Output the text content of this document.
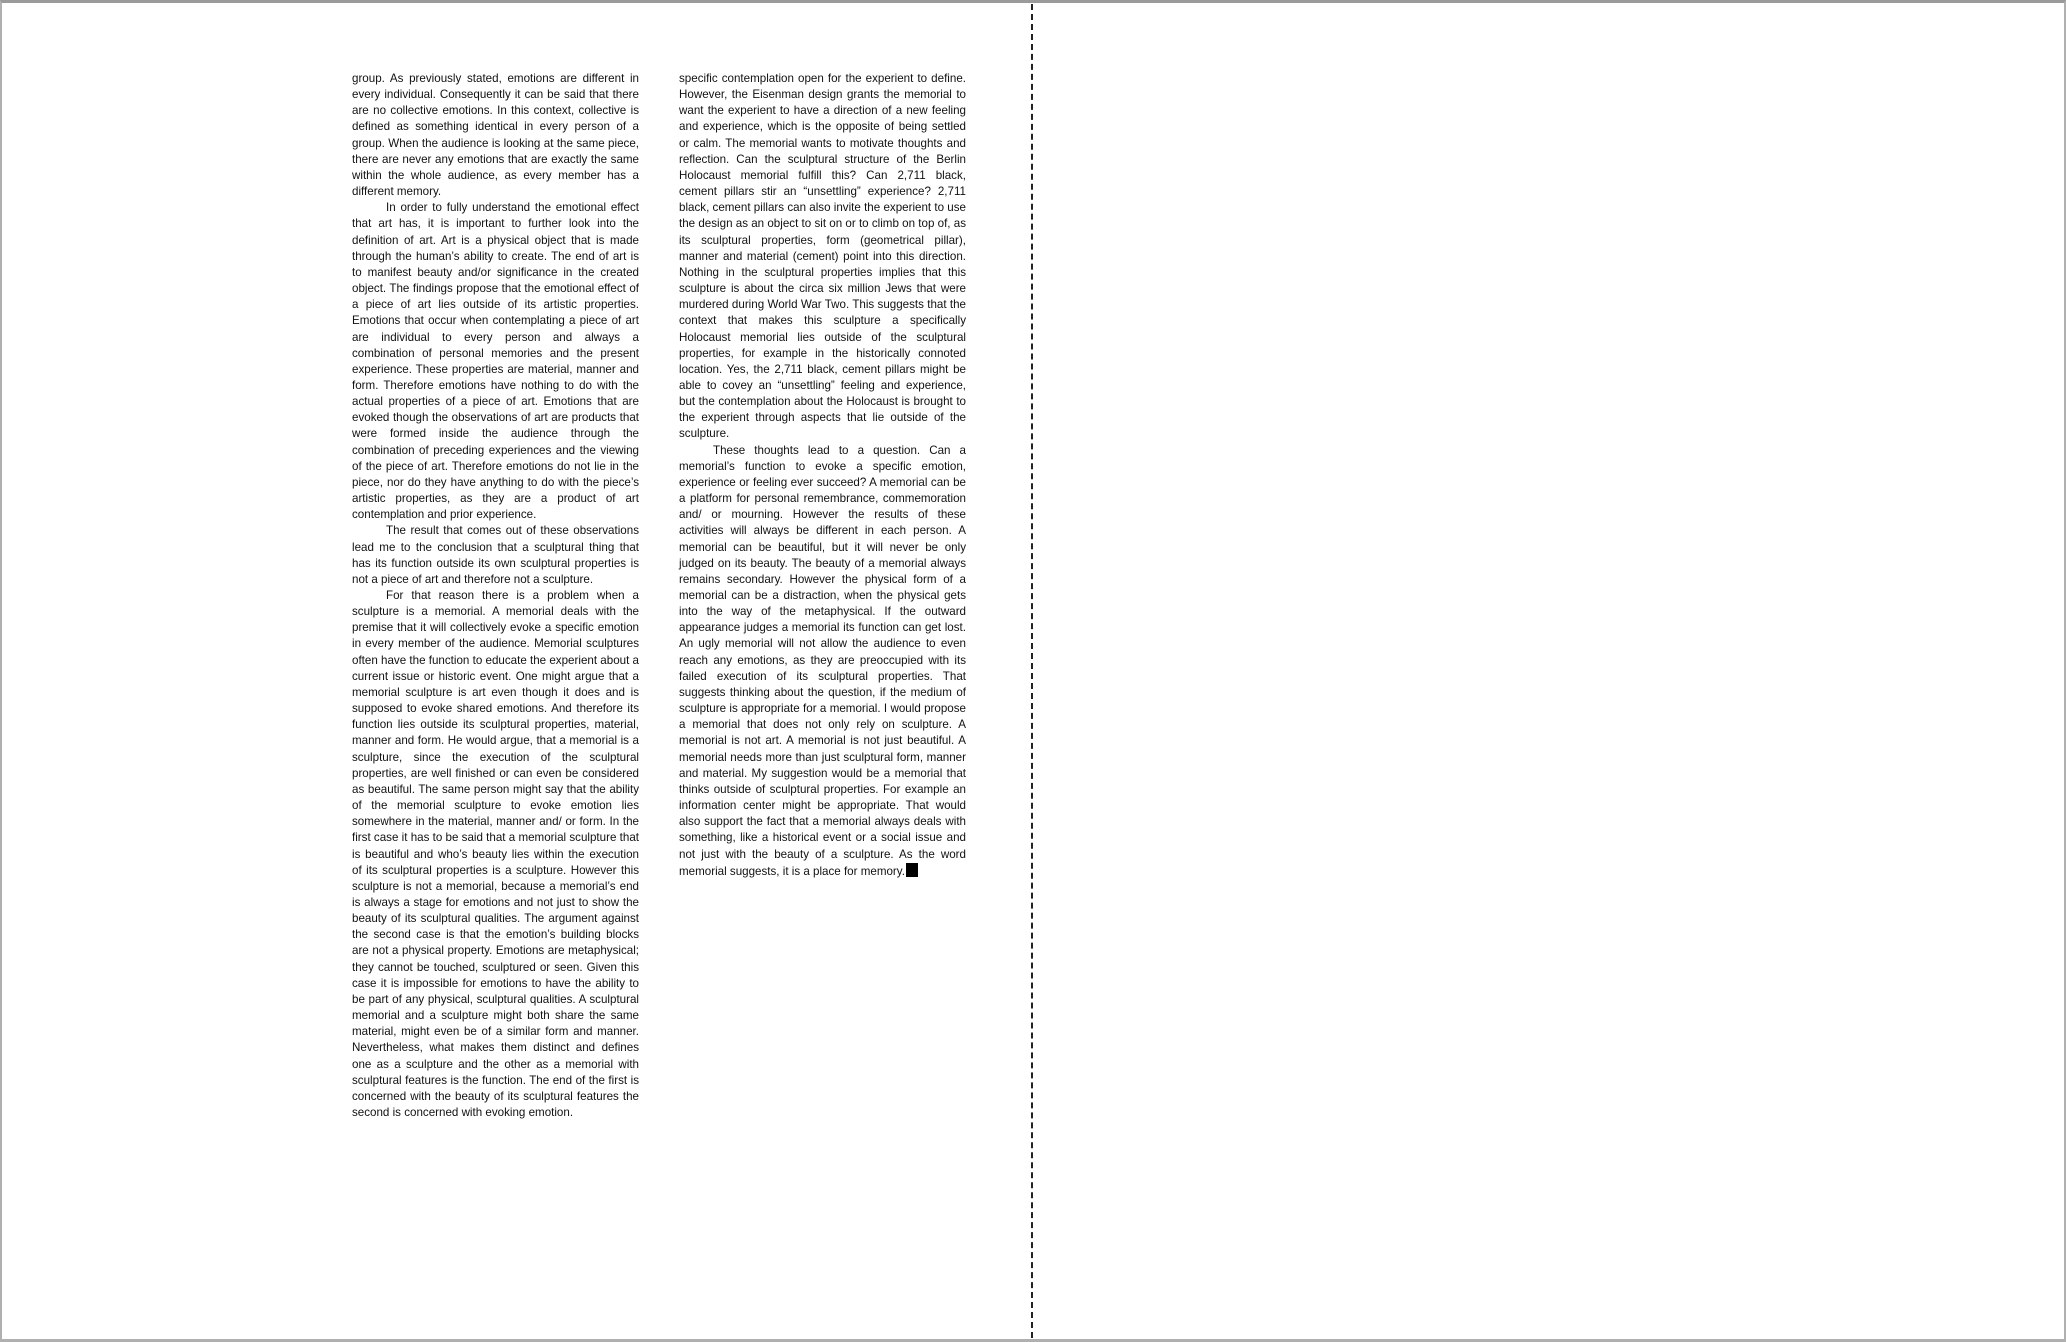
group. As previously stated, emotions are different in every individual. Consequently it can be said that there are no collective emotions. In this context, collective is defined as something identical in every person of a group. When the audience is looking at the same piece, there are never any emotions that are exactly the same within the whole audience, as every member has a different memory.

In order to fully understand the emotional effect that art has, it is important to further look into the definition of art. Art is a physical object that is made through the human’s ability to create. The end of art is to manifest beauty and/or significance in the created object. The findings propose that the emotional effect of a piece of art lies outside of its artistic properties. Emotions that occur when contemplating a piece of art are individual to every person and always a combination of personal memories and the present experience. These properties are material, manner and form. Therefore emotions have nothing to do with the actual properties of a piece of art. Emotions that are evoked though the observations of art are products that were formed inside the audience through the combination of preceding experiences and the viewing of the piece of art. Therefore emotions do not lie in the piece, nor do they have anything to do with the piece’s artistic properties, as they are a product of art contemplation and prior experience.

The result that comes out of these observations lead me to the conclusion that a sculptural thing that has its function outside its own sculptural properties is not a piece of art and therefore not a sculpture.

For that reason there is a problem when a sculpture is a memorial. A memorial deals with the premise that it will collectively evoke a specific emotion in every member of the audience. Memorial sculptures often have the function to educate the experient about a current issue or historic event. One might argue that a memorial sculpture is art even though it does and is supposed to evoke shared emotions. And therefore its function lies outside its sculptural properties, material, manner and form. He would argue, that a memorial is a sculpture, since the execution of the sculptural properties, are well finished or can even be considered as beautiful. The same person might say that the ability of the memorial sculpture to evoke emotion lies somewhere in the material, manner and/ or form. In the first case it has to be said that a memorial sculpture that is beautiful and who’s beauty lies within the execution of its sculptural properties is a sculpture. However this sculpture is not a memorial, because a memorial’s end is always a stage for emotions and not just to show the beauty of its sculptural qualities. The argument against the second case is that the emotion’s building blocks are not a physical property. Emotions are metaphysical; they cannot be touched, sculptured or seen. Given this case it is impossible for emotions to have the ability to be part of any physical, sculptural qualities. A sculptural memorial and a sculpture might both share the same material, might even be of a similar form and manner. Nevertheless, what makes them distinct and defines one as a sculpture and the other as a memorial with sculptural features is the function. The end of the first is concerned with the beauty of its sculptural features the second is concerned with evoking emotion.

specific contemplation open for the experient to define. However, the Eisenman design grants the memorial to want the experient to have a direction of a new feeling and experience, which is the opposite of being settled or calm. The memorial wants to motivate thoughts and reflection. Can the sculptural structure of the Berlin Holocaust memorial fulfill this? Can 2,711 black, cement pillars stir an “unsettling” experience? 2,711 black, cement pillars can also invite the experient to use the design as an object to sit on or to climb on top of, as its sculptural properties, form (geometrical pillar), manner and material (cement) point into this direction. Nothing in the sculptural properties implies that this sculpture is about the circa six million Jews that were murdered during World War Two. This suggests that the context that makes this sculpture a specifically Holocaust memorial lies outside of the sculptural properties, for example in the historically connoted location. Yes, the 2,711 black, cement pillars might be able to covey an “unsettling” feeling and experience, but the contemplation about the Holocaust is brought to the experient through aspects that lie outside of the sculpture.

These thoughts lead to a question. Can a memorial’s function to evoke a specific emotion, experience or feeling ever succeed? A memorial can be a platform for personal remembrance, commemoration and/ or mourning. However the results of these activities will always be different in each person. A memorial can be beautiful, but it will never be only judged on its beauty. The beauty of a memorial always remains secondary. However the physical form of a memorial can be a distraction, when the physical gets into the way of the metaphysical. If the outward appearance judges a memorial its function can get lost. An ugly memorial will not allow the audience to even reach any emotions, as they are preoccupied with its failed execution of its sculptural properties. That suggests thinking about the question, if the medium of sculpture is appropriate for a memorial. I would propose a memorial that does not only rely on sculpture. A memorial is not art. A memorial is not just beautiful. A memorial needs more than just sculptural form, manner and material. My suggestion would be a memorial that thinks outside of sculptural properties. For example an information center might be appropriate. That would also support the fact that a memorial always deals with something, like a historical event or a social issue and not just with the beauty of a sculpture. As the word memorial suggests, it is a place for memory.
